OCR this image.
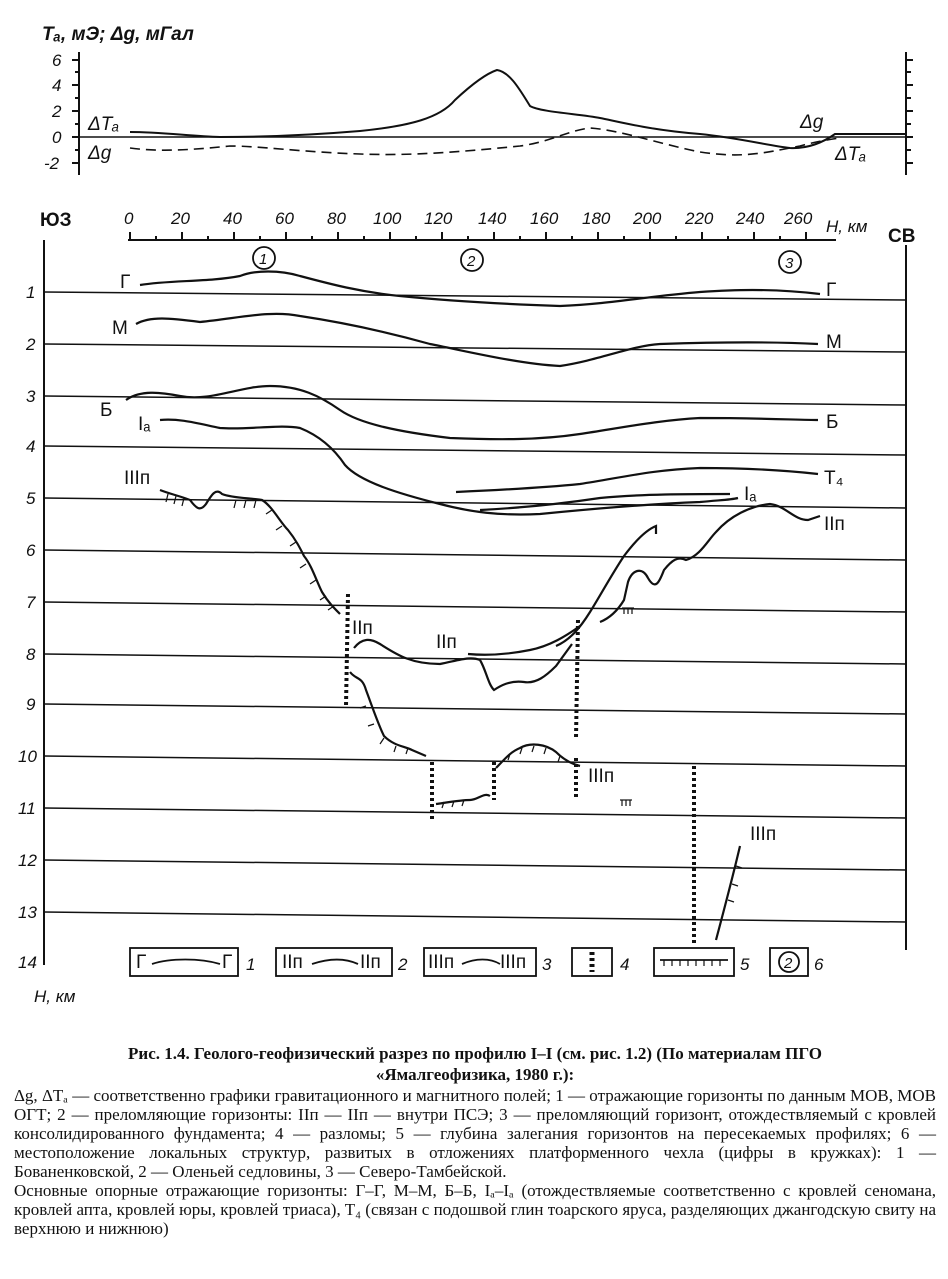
Tₐ, мЭ; Δg, мГал
6
4
2
0
-2
ΔTₐ
Δg
Δg
ΔTₐ
ЮЗ
СВ
0 20 40 60 80 100 120 140 160 180 200 220 240 260 H, км
1
2
3
4
5
6
7
8
9
10
11
12
13
14
H, км
1	2	3
Г	Г
М
М
Б
Б
Iₐ
Iₐ
T₄
IIIп
IIIп
IIIп
IIп
IIп
IIп
Г	Г 1 IIп	IIп 2 IIIп IIIп 3	4	5 2 6

Рис. 1.4. Геолого-геофизический разрез по профилю I–I (см. рис. 1.2) (По материалам ПГО

«Ямалгеофизика, 1980 г.):

Δg, ΔTₐ — соответственно графики гравитационного и магнитного полей; 1 — отражающие горизонты по данным МОВ, МОВ ОГТ; 2 — преломляющие горизонты: IIп — IIп — внутри ПСЭ; 3 — преломляющий горизонт, отождествляемый с кровлей консолидированного фундамента; 4 — разломы; 5 — глубина залегания горизонтов на пересекаемых профилях; 6 — местоположение локальных структур, развитых в отложениях платформенного чехла (цифры в кружках): 1 — Бованенковской, 2 — Оленьей седловины, 3 — Северо-Тамбейской.

Основные опорные отражающие горизонты: Г–Г, М–М, Б–Б, Iₐ–Iₐ (отождествляемые соответственно с кровлей сеномана, кровлей апта, кровлей юры, кровлей триаса), T₄ (связан с подошвой глин тоарского яруса, разделяющих джангодскую свиту на верхнюю и нижнюю)
